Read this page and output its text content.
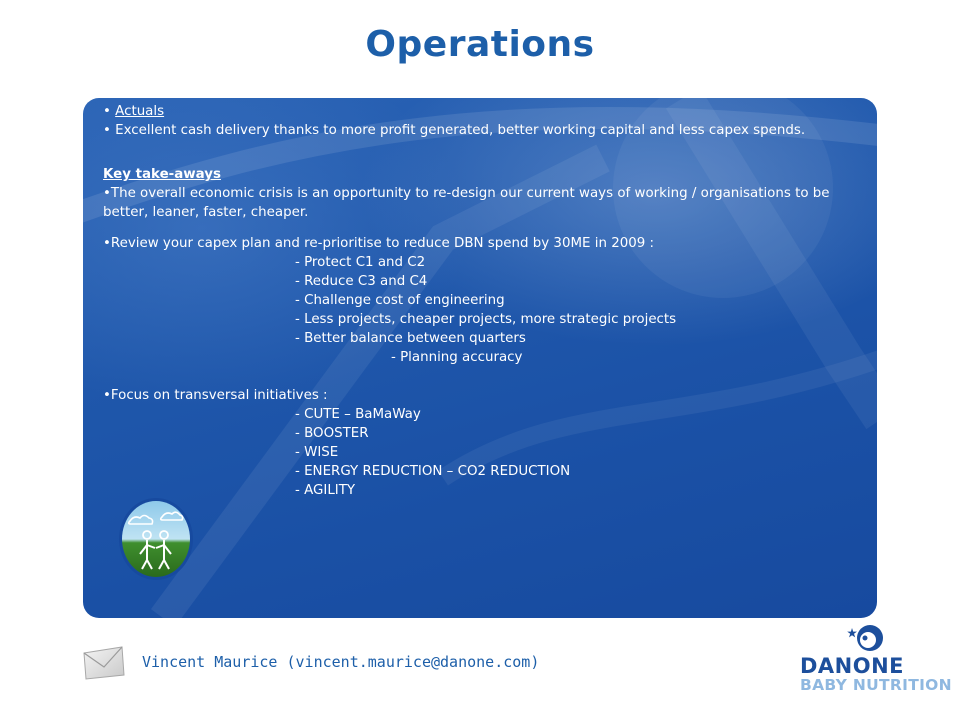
Operations
• Actuals
• Excellent cash delivery thanks to more profit generated, better working capital and less capex spends.
Key take-aways
•The overall economic crisis is an opportunity to re-design our current ways of working / organisations to be better, leaner, faster, cheaper.
•Review your capex plan and re-prioritise to reduce DBN spend by 30ME in 2009 :
- Protect C1 and C2
- Reduce C3 and C4
- Challenge cost of engineering
- Less projects, cheaper projects, more strategic projects
- Better balance between quarters
- Planning accuracy
•Focus on transversal initiatives :
- CUTE – BaMaWay
- BOOSTER
- WISE
- ENERGY REDUCTION – CO2 REDUCTION
- AGILITY
Vincent Maurice (vincent.maurice@danone.com)	DANONE
BABY NUTRITION
